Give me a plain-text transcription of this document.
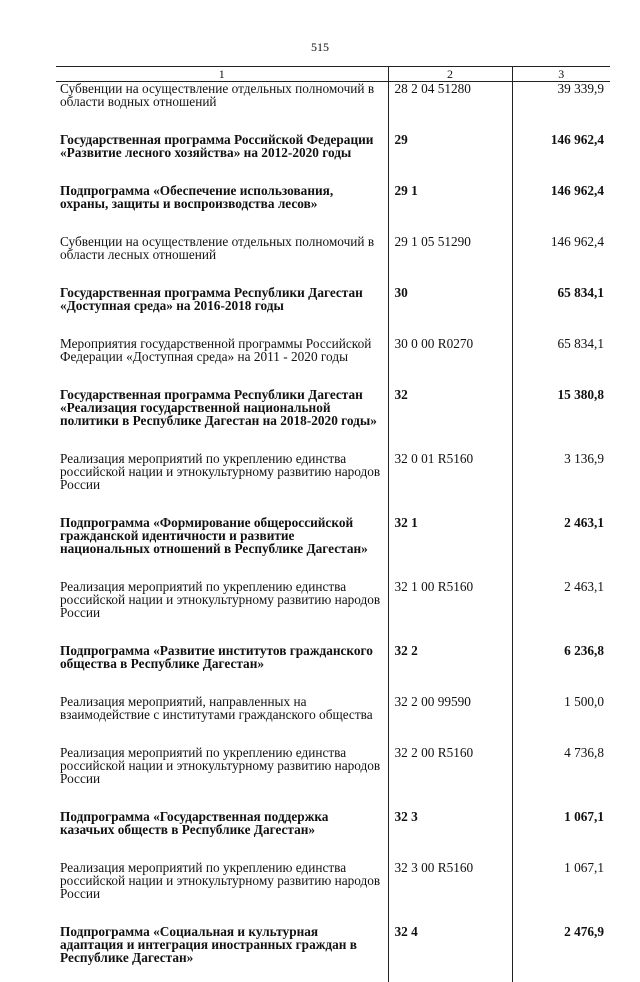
515
1	2	3
Субвенции на осуществление отдельных полномочий в области водных отношений	28 2 04 51280	39 339,9

Государственная программа Российской Федерации «Развитие лесного хозяйства» на 2012-2020 годы	29	146 962,4

Подпрограмма «Обеспечение использования, охраны, защиты и воспроизводства лесов»	29 1	146 962,4

Субвенции на осуществление отдельных полномочий в области лесных отношений	29 1 05 51290	146 962,4

Государственная программа Республики Дагестан «Доступная среда» на 2016-2018 годы	30	65 834,1

Мероприятия государственной программы Российской Федерации «Доступная среда» на 2011 - 2020 годы	30 0 00 R0270	65 834,1

Государственная программа Республики Дагестан «Реализация государственной национальной политики в Республике Дагестан на 2018-2020 годы»	32	15 380,8

Реализация мероприятий по укреплению единства российской нации и этнокультурному развитию народов России	32 0 01 R5160	3 136,9

Подпрограмма «Формирование общероссийской гражданской идентичности и развитие национальных отношений в Республике Дагестан»	32 1	2 463,1

Реализация мероприятий по укреплению единства российской нации и этнокультурному развитию народов России	32 1 00 R5160	2 463,1

Подпрограмма «Развитие институтов гражданского общества в Республике Дагестан»	32 2	6 236,8

Реализация мероприятий, направленных на взаимодействие с институтами гражданского общества	32 2 00 99590	1 500,0

Реализация мероприятий по укреплению единства российской нации и этнокультурному развитию народов России	32 2 00 R5160	4 736,8

Подпрограмма «Государственная поддержка казачьих обществ в Республике Дагестан»	32 3	1 067,1

Реализация мероприятий по укреплению единства российской нации и этнокультурному развитию народов России	32 3 00 R5160	1 067,1

Подпрограмма «Социальная и культурная адаптация и интеграция иностранных граждан в Республике Дагестан»	32 4	2 476,9
